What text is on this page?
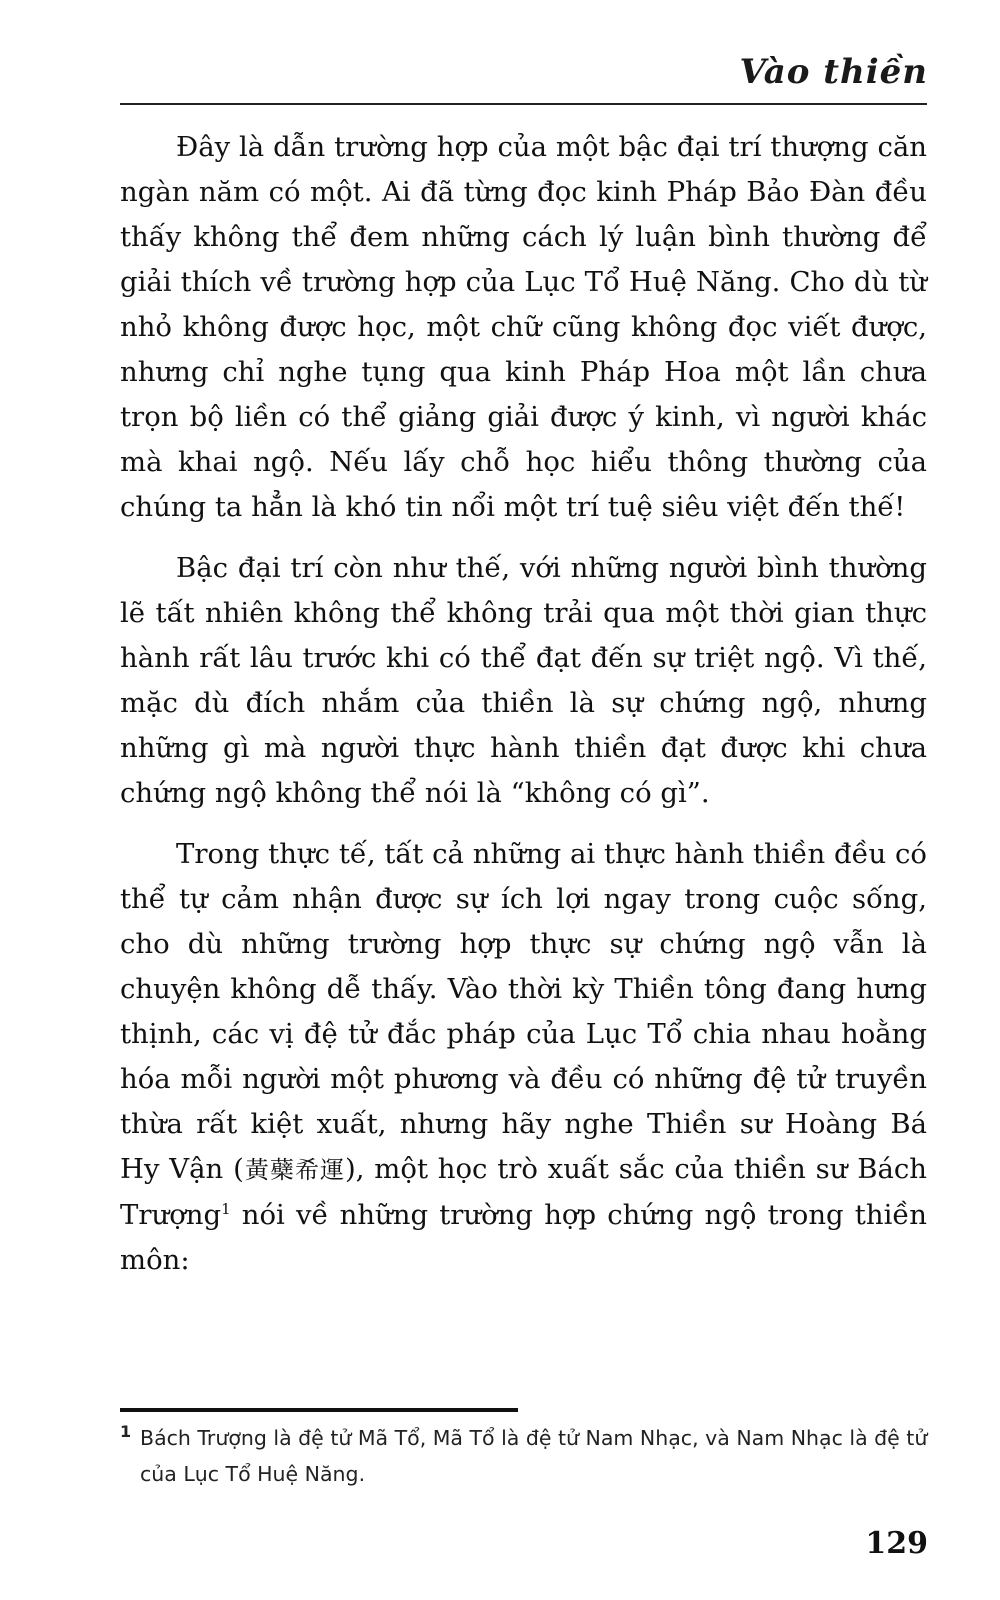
Vào thiền

Đây là dẫn trường hợp của một bậc đại trí thượng căn ngàn năm có một. Ai đã từng đọc kinh Pháp Bảo Đàn đều thấy không thể đem những cách lý luận bình thường để giải thích về trường hợp của Lục Tổ Huệ Năng. Cho dù từ nhỏ không được học, một chữ cũng không đọc viết được, nhưng chỉ nghe tụng qua kinh Pháp Hoa một lần chưa trọn bộ liền có thể giảng giải được ý kinh, vì người khác mà khai ngộ. Nếu lấy chỗ học hiểu thông thường của chúng ta hẳn là khó tin nổi một trí tuệ siêu việt đến thế!

Bậc đại trí còn như thế, với những người bình thường lẽ tất nhiên không thể không trải qua một thời gian thực hành rất lâu trước khi có thể đạt đến sự triệt ngộ. Vì thế, mặc dù đích nhắm của thiền là sự chứng ngộ, nhưng những gì mà người thực hành thiền đạt được khi chưa chứng ngộ không thể nói là “không có gì”.

Trong thực tế, tất cả những ai thực hành thiền đều có thể tự cảm nhận được sự ích lợi ngay trong cuộc sống, cho dù những trường hợp thực sự chứng ngộ vẫn là chuyện không dễ thấy. Vào thời kỳ Thiền tông đang hưng thịnh, các vị đệ tử đắc pháp của Lục Tổ chia nhau hoằng hóa mỗi người một phương và đều có những đệ tử truyền thừa rất kiệt xuất, nhưng hãy nghe Thiền sư Hoàng Bá Hy Vận (黃蘗希運), một học trò xuất sắc của thiền sư Bách Trượng$^1$ nói về những trường hợp chứng ngộ trong thiền môn:

1 Bách Trượng là đệ tử Mã Tổ, Mã Tổ là đệ tử Nam Nhạc, và Nam Nhạc là đệ tử của Lục Tổ Huệ Năng.
129
